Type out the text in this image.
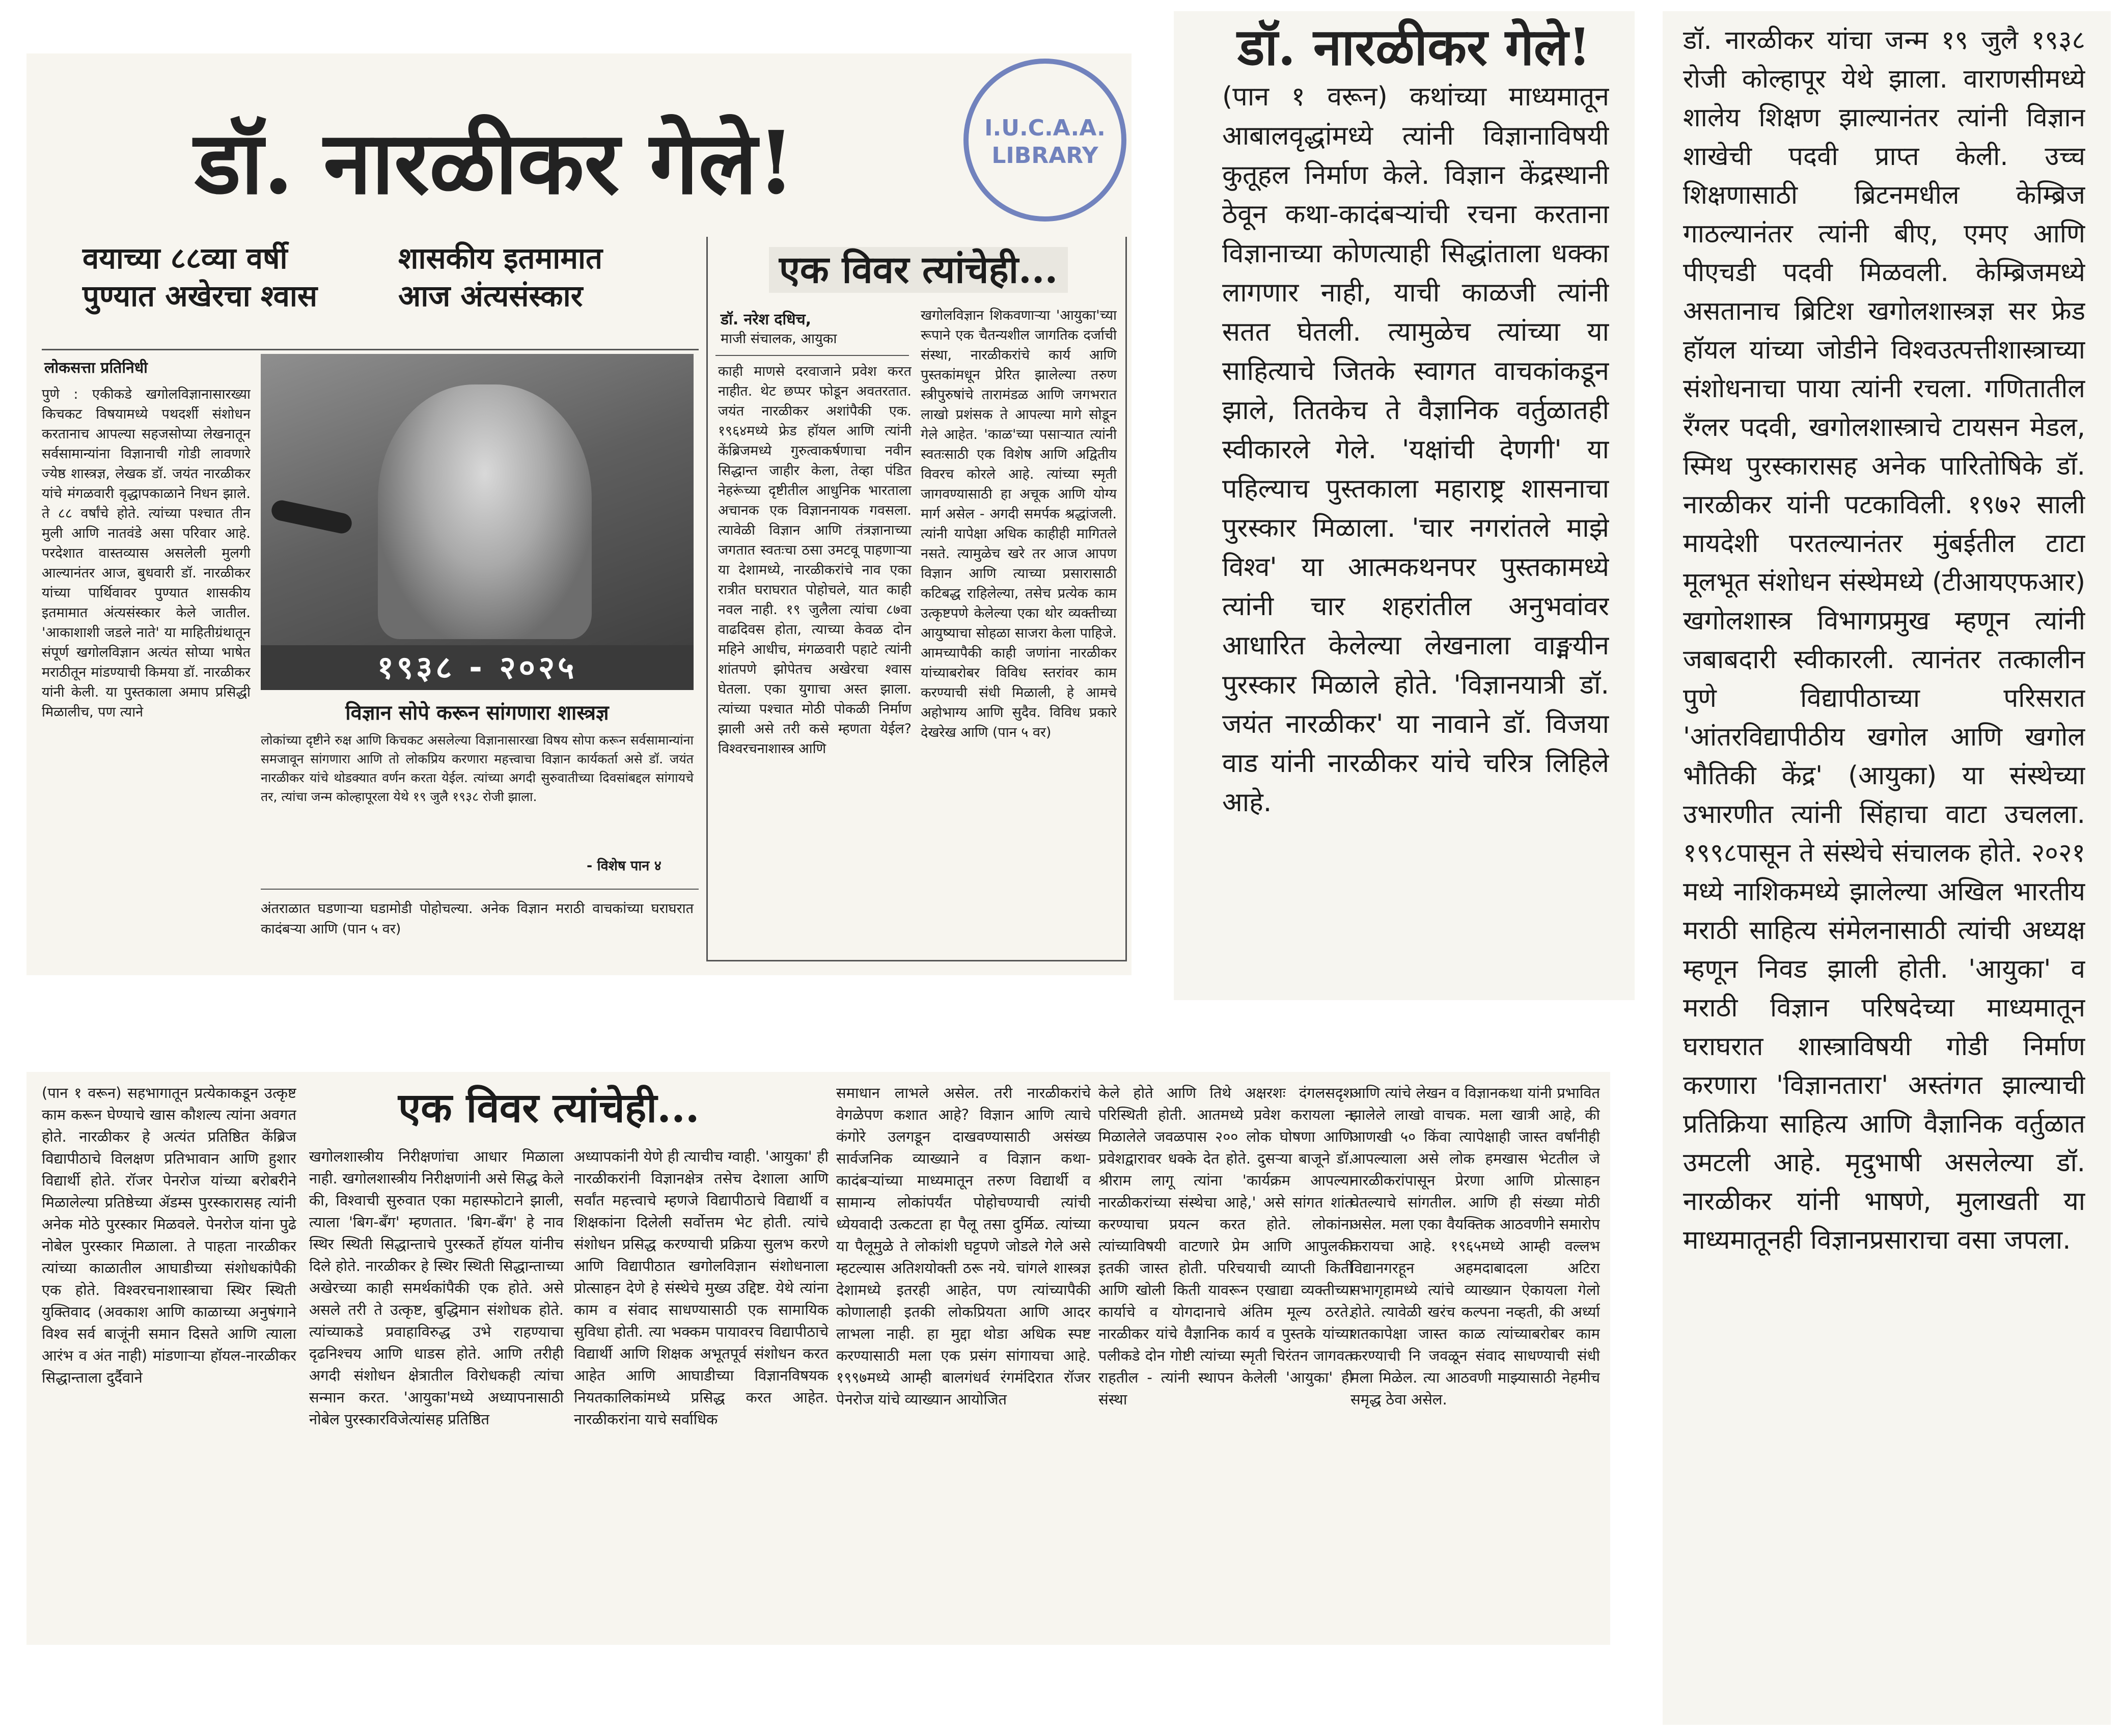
डॉ. नारळीकर गेले!	I.U.C.A.A. LIBRARY
वयाच्या ८८व्या वर्षी
पुण्यात अखेरचा श्वास
शासकीय इतमामात
आज अंत्यसंस्कार
लोकसत्ता प्रतिनिधी

पुणे : एकीकडे खगोलविज्ञानासारख्या किचकट विषयामध्ये पथदर्शी संशोधन करतानाच आपल्या सहजसोप्या लेखनातून सर्वसामान्यांना विज्ञानाची गोडी लावणारे ज्येष्ठ शास्त्रज्ञ, लेखक डॉ. जयंत नारळीकर यांचे मंगळवारी वृद्धापकाळाने निधन झाले. ते ८८ वर्षांचे होते. त्यांच्या पश्चात तीन मुली आणि नातवंडे असा परिवार आहे. परदेशात वास्तव्यास असलेली मुलगी आल्यानंतर आज, बुधवारी डॉ. नारळीकर यांच्या पार्थिवावर पुण्यात शासकीय इतमामात अंत्यसंस्कार केले जातील. 'आकाशाशी जडले नाते' या माहितीग्रंथातून संपूर्ण खगोलविज्ञान अत्यंत सोप्या भाषेत मराठीतून मांडण्याची किमया डॉ. नारळीकर यांनी केली. या पुस्तकाला अमाप प्रसिद्धी मिळालीच, पण त्याने

१९३८ - २०२५
विज्ञान सोपे करून सांगणारा शास्त्रज्ञ
लोकांच्या दृष्टीने रुक्ष आणि किचकट असलेल्या विज्ञानासारखा विषय सोपा करून सर्वसामान्यांना समजावून सांगणारा आणि तो लोकप्रिय करणारा महत्त्वाचा विज्ञान कार्यकर्ता असे डॉ. जयंत नारळीकर यांचे थोडक्यात वर्णन करता येईल. त्यांच्या अगदी सुरुवातीच्या दिवसांबद्दल सांगायचे तर, त्यांचा जन्म कोल्हापूरला येथे १९ जुलै १९३८ रोजी झाला.
- विशेष पान ४
अंतराळात घडणाऱ्या घडामोडी पोहोचल्या. अनेक विज्ञान मराठी वाचकांच्या घराघरात कादंबऱ्या आणि (पान ५ वर)
एक विवर त्यांचेही...
डॉ. नरेश दधिच,
माजी संचालक, आयुका

काही माणसे दरवाजाने प्रवेश करत नाहीत. थेट छप्पर फोडून अवतरतात. जयंत नारळीकर अशांपैकी एक. १९६४मध्ये फ्रेड हॉयल आणि त्यांनी केंब्रिजमध्ये गुरुत्वाकर्षणाचा नवीन सिद्धान्त जाहीर केला, तेव्हा पंडित नेहरूंच्या दृष्टीतील आधुनिक भारताला अचानक एक विज्ञाननायक गवसला. त्यावेळी विज्ञान आणि तंत्रज्ञानाच्या जगतात स्वतःचा ठसा उमटवू पाहणाऱ्या या देशामध्ये, नारळीकरांचे नाव एका रात्रीत घराघरात पोहोचले, यात काही नवल नाही. १९ जुलैला त्यांचा ८७वा वाढदिवस होता, त्याच्या केवळ दोन महिने आधीच, मंगळवारी पहाटे त्यांनी शांतपणे झोपेतच अखेरचा श्वास घेतला. एका युगाचा अस्त झाला. त्यांच्या पश्चात मोठी पोकळी निर्माण झाली असे तरी कसे म्हणता येईल? विश्वरचनाशास्त्र आणि

खगोलविज्ञान शिकवणाऱ्या 'आयुका'च्या रूपाने एक चैतन्यशील जागतिक दर्जाची संस्था, नारळीकरांचे कार्य आणि पुस्तकांमधून प्रेरित झालेल्या तरुण स्त्रीपुरुषांचे तारामंडळ आणि जगभरात लाखो प्रशंसक ते आपल्या मागे सोडून गेले आहेत. 'काळ'च्या पसाऱ्यात त्यांनी स्वतःसाठी एक विशेष आणि अद्वितीय विवरच कोरले आहे. त्यांच्या स्मृती जागवण्यासाठी हा अचूक आणि योग्य मार्ग असेल - अगदी समर्पक श्रद्धांजली. त्यांनी यापेक्षा अधिक काहीही मागितले नसते. त्यामुळेच खरे तर आज आपण विज्ञान आणि त्याच्या प्रसारासाठी कटिबद्ध राहिलेल्या, तसेच प्रत्येक काम उत्कृष्टपणे केलेल्या एका थोर व्यक्तीच्या आयुष्याचा सोहळा साजरा केला पाहिजे. आमच्यापैकी काही जणांना नारळीकर यांच्याबरोबर विविध स्तरांवर काम करण्याची संधी मिळाली, हे आमचे अहोभाग्य आणि सुदैव. विविध प्रकारे देखरेख आणि (पान ५ वर)

डॉ. नारळीकर गेले!

(पान १ वरून) कथांच्या माध्यमातून आबालवृद्धांमध्ये त्यांनी विज्ञानाविषयी कुतूहल निर्माण केले. विज्ञान केंद्रस्थानी ठेवून कथा-कादंबऱ्यांची रचना करताना विज्ञानाच्या कोणत्याही सिद्धांताला धक्का लागणार नाही, याची काळजी त्यांनी सतत घेतली. त्यामुळेच त्यांच्या या साहित्याचे जितके स्वागत वाचकांकडून झाले, तितकेच ते वैज्ञानिक वर्तुळातही स्वीकारले गेले. 'यक्षांची देणगी' या पहिल्याच पुस्तकाला महाराष्ट्र शासनाचा पुरस्कार मिळाला. 'चार नगरांतले माझे विश्व' या आत्मकथनपर पुस्तकामध्ये त्यांनी चार शहरांतील अनुभवांवर आधारित केलेल्या लेखनाला वाङ्मयीन पुरस्कार मिळाले होते. 'विज्ञानयात्री डॉ. जयंत नारळीकर' या नावाने डॉ. विजया वाड यांनी नारळीकर यांचे चरित्र लिहिले आहे.

डॉ. नारळीकर यांचा जन्म १९ जुलै १९३८ रोजी कोल्हापूर येथे झाला. वाराणसीमध्ये शालेय शिक्षण झाल्यानंतर त्यांनी विज्ञान शाखेची पदवी प्राप्त केली. उच्च शिक्षणासाठी ब्रिटनमधील केम्ब्रिज गाठल्यानंतर त्यांनी बीए, एमए आणि पीएचडी पदवी मिळवली. केम्ब्रिजमध्ये असतानाच ब्रिटिश खगोलशास्त्रज्ञ सर फ्रेड हॉयल यांच्या जोडीने विश्वउत्पत्तीशास्त्राच्या संशोधनाचा पाया त्यांनी रचला. गणितातील रँग्लर पदवी, खगोलशास्त्राचे टायसन मेडल, स्मिथ पुरस्कारासह अनेक पारितोषिके डॉ. नारळीकर यांनी पटकाविली. १९७२ साली मायदेशी परतल्यानंतर मुंबईतील टाटा मूलभूत संशोधन संस्थेमध्ये (टीआयएफआर) खगोलशास्त्र विभागप्रमुख म्हणून त्यांनी जबाबदारी स्वीकारली. त्यानंतर तत्कालीन पुणे विद्यापीठाच्या परिसरात 'आंतरविद्यापीठीय खगोल आणि खगोल भौतिकी केंद्र' (आयुका) या संस्थेच्या उभारणीत त्यांनी सिंहाचा वाटा उचलला. १९९८पासून ते संस्थेचे संचालक होते. २०२१ मध्ये नाशिकमध्ये झालेल्या अखिल भारतीय मराठी साहित्य संमेलनासाठी त्यांची अध्यक्ष म्हणून निवड झाली होती. 'आयुका' व मराठी विज्ञान परिषदेच्या माध्यमातून घराघरात शास्त्राविषयी गोडी निर्माण करणारा 'विज्ञानतारा' अस्तंगत झाल्याची प्रतिक्रिया साहित्य आणि वैज्ञानिक वर्तुळात उमटली आहे. मृदुभाषी असलेल्या डॉ. नारळीकर यांनी भाषणे, मुलाखती या माध्यमातूनही विज्ञानप्रसाराचा वसा जपला.

एक विवर त्यांचेही...

(पान १ वरून) सहभागातून प्रत्येकाकडून उत्कृष्ट काम करून घेण्याचे खास कौशल्य त्यांना अवगत होते. नारळीकर हे अत्यंत प्रतिष्ठित केंब्रिज विद्यापीठाचे विलक्षण प्रतिभावान आणि हुशार विद्यार्थी होते. रॉजर पेनरोज यांच्या बरोबरीने मिळालेल्या प्रतिष्ठेच्या ॲडम्स पुरस्कारासह त्यांनी अनेक मोठे पुरस्कार मिळवले. पेनरोज यांना पुढे नोबेल पुरस्कार मिळाला. ते पाहता नारळीकर त्यांच्या काळातील आघाडीच्या संशोधकांपैकी एक होते. विश्वरचनाशास्त्राचा स्थिर स्थिती युक्तिवाद (अवकाश आणि काळाच्या अनुषंगाने विश्व सर्व बाजूंनी समान दिसते आणि त्याला आरंभ व अंत नाही) मांडणाऱ्या हॉयल-नारळीकर सिद्धान्ताला दुर्दैवाने

खगोलशास्त्रीय निरीक्षणांचा आधार मिळाला नाही. खगोलशास्त्रीय निरीक्षणांनी असे सिद्ध केले की, विश्वाची सुरुवात एका महास्फोटाने झाली, त्याला 'बिग-बँग' म्हणतात. 'बिग-बँग' हे नाव स्थिर स्थिती सिद्धान्ताचे पुरस्कर्ते हॉयल यांनीच दिले होते. नारळीकर हे स्थिर स्थिती सिद्धान्ताच्या अखेरच्या काही समर्थकांपैकी एक होते. असे असले तरी ते उत्कृष्ट, बुद्धिमान संशोधक होते. त्यांच्याकडे प्रवाहाविरुद्ध उभे राहण्याचा दृढनिश्चय आणि धाडस होते. आणि तरीही अगदी संशोधन क्षेत्रातील विरोधकही त्यांचा सन्मान करत. 'आयुका'मध्ये अध्यापनासाठी नोबेल पुरस्कारविजेत्यांसह प्रतिष्ठित

अध्यापकांनी येणे ही त्याचीच ग्वाही. 'आयुका' ही नारळीकरांनी विज्ञानक्षेत्र तसेच देशाला आणि सर्वांत महत्त्वाचे म्हणजे विद्यापीठाचे विद्यार्थी व शिक्षकांना दिलेली सर्वोत्तम भेट होती. त्यांचे संशोधन प्रसिद्ध करण्याची प्रक्रिया सुलभ करणे आणि विद्यापीठात खगोलविज्ञान संशोधनाला प्रोत्साहन देणे हे संस्थेचे मुख्य उद्दिष्ट. येथे त्यांना काम व संवाद साधण्यासाठी एक सामायिक सुविधा होती. त्या भक्कम पायावरच विद्यापीठाचे विद्यार्थी आणि शिक्षक अभूतपूर्व संशोधन करत आहेत आणि आघाडीच्या विज्ञानविषयक नियतकालिकांमध्ये प्रसिद्ध करत आहेत. नारळीकरांना याचे सर्वाधिक

समाधान लाभले असेल. तरी नारळीकरांचे वेगळेपण कशात आहे? विज्ञान आणि त्याचे कंगोरे उलगडून दाखवण्यासाठी असंख्य सार्वजनिक व्याख्याने व विज्ञान कथा-कादंबऱ्यांच्या माध्यमातून तरुण विद्यार्थी व सामान्य लोकांपर्यंत पोहोचण्याची त्यांची ध्येयवादी उत्कटता हा पैलू तसा दुर्मिळ. त्यांच्या या पैलूमुळे ते लोकांशी घट्टपणे जोडले गेले असे म्हटल्यास अतिशयोक्ती ठरू नये. चांगले शास्त्रज्ञ देशामध्ये इतरही आहेत, पण त्यांच्यापैकी कोणालाही इतकी लोकप्रियता आणि आदर लाभला नाही. हा मुद्दा थोडा अधिक स्पष्ट करण्यासाठी मला एक प्रसंग सांगायचा आहे. १९९७मध्ये आम्ही बालगंधर्व रंगमंदिरात रॉजर पेनरोज यांचे व्याख्यान आयोजित

केले होते आणि तिथे अक्षरशः दंगलसदृश परिस्थिती होती. आतमध्ये प्रवेश करायला न मिळालेले जवळपास २०० लोक घोषणा आणि प्रवेशद्वारावर धक्के देत होते. दुसऱ्या बाजूने डॉ. श्रीराम लागू त्यांना 'कार्यक्रम आपल्या नारळीकरांच्या संस्थेचा आहे,' असे सांगत शांत करण्याचा प्रयत्न करत होते. लोकांना त्यांच्याविषयी वाटणारे प्रेम आणि आपुलकी इतकी जास्त होती. परिचयाची व्याप्ती किती आणि खोली किती यावरून एखाद्या व्यक्तीच्या कार्याचे व योगदानाचे अंतिम मूल्य ठरते. नारळीकर यांचे वैज्ञानिक कार्य व पुस्तके यांच्या पलीकडे दोन गोष्टी त्यांच्या स्मृती चिरंतन जागवत राहतील - त्यांनी स्थापन केलेली 'आयुका' ही संस्था

आणि त्यांचे लेखन व विज्ञानकथा यांनी प्रभावित झालेले लाखो वाचक. मला खात्री आहे, की आणखी ५० किंवा त्यापेक्षाही जास्त वर्षांनीही आपल्याला असे लोक हमखास भेटतील जे नारळीकरांपासून प्रेरणा आणि प्रोत्साहन घेतल्याचे सांगतील. आणि ही संख्या मोठी असेल. मला एका वैयक्तिक आठवणीने समारोप करायचा आहे. १९६५मध्ये आम्ही वल्लभ विद्यानगरहून अहमदाबादला अटिरा सभागृहामध्ये त्यांचे व्याख्यान ऐकायला गेलो होते. त्यावेळी खरंच कल्पना नव्हती, की अर्ध्या शतकापेक्षा जास्त काळ त्यांच्याबरोबर काम करण्याची नि जवळून संवाद साधण्याची संधी मला मिळेल. त्या आठवणी माझ्यासाठी नेहमीच समृद्ध ठेवा असेल.
